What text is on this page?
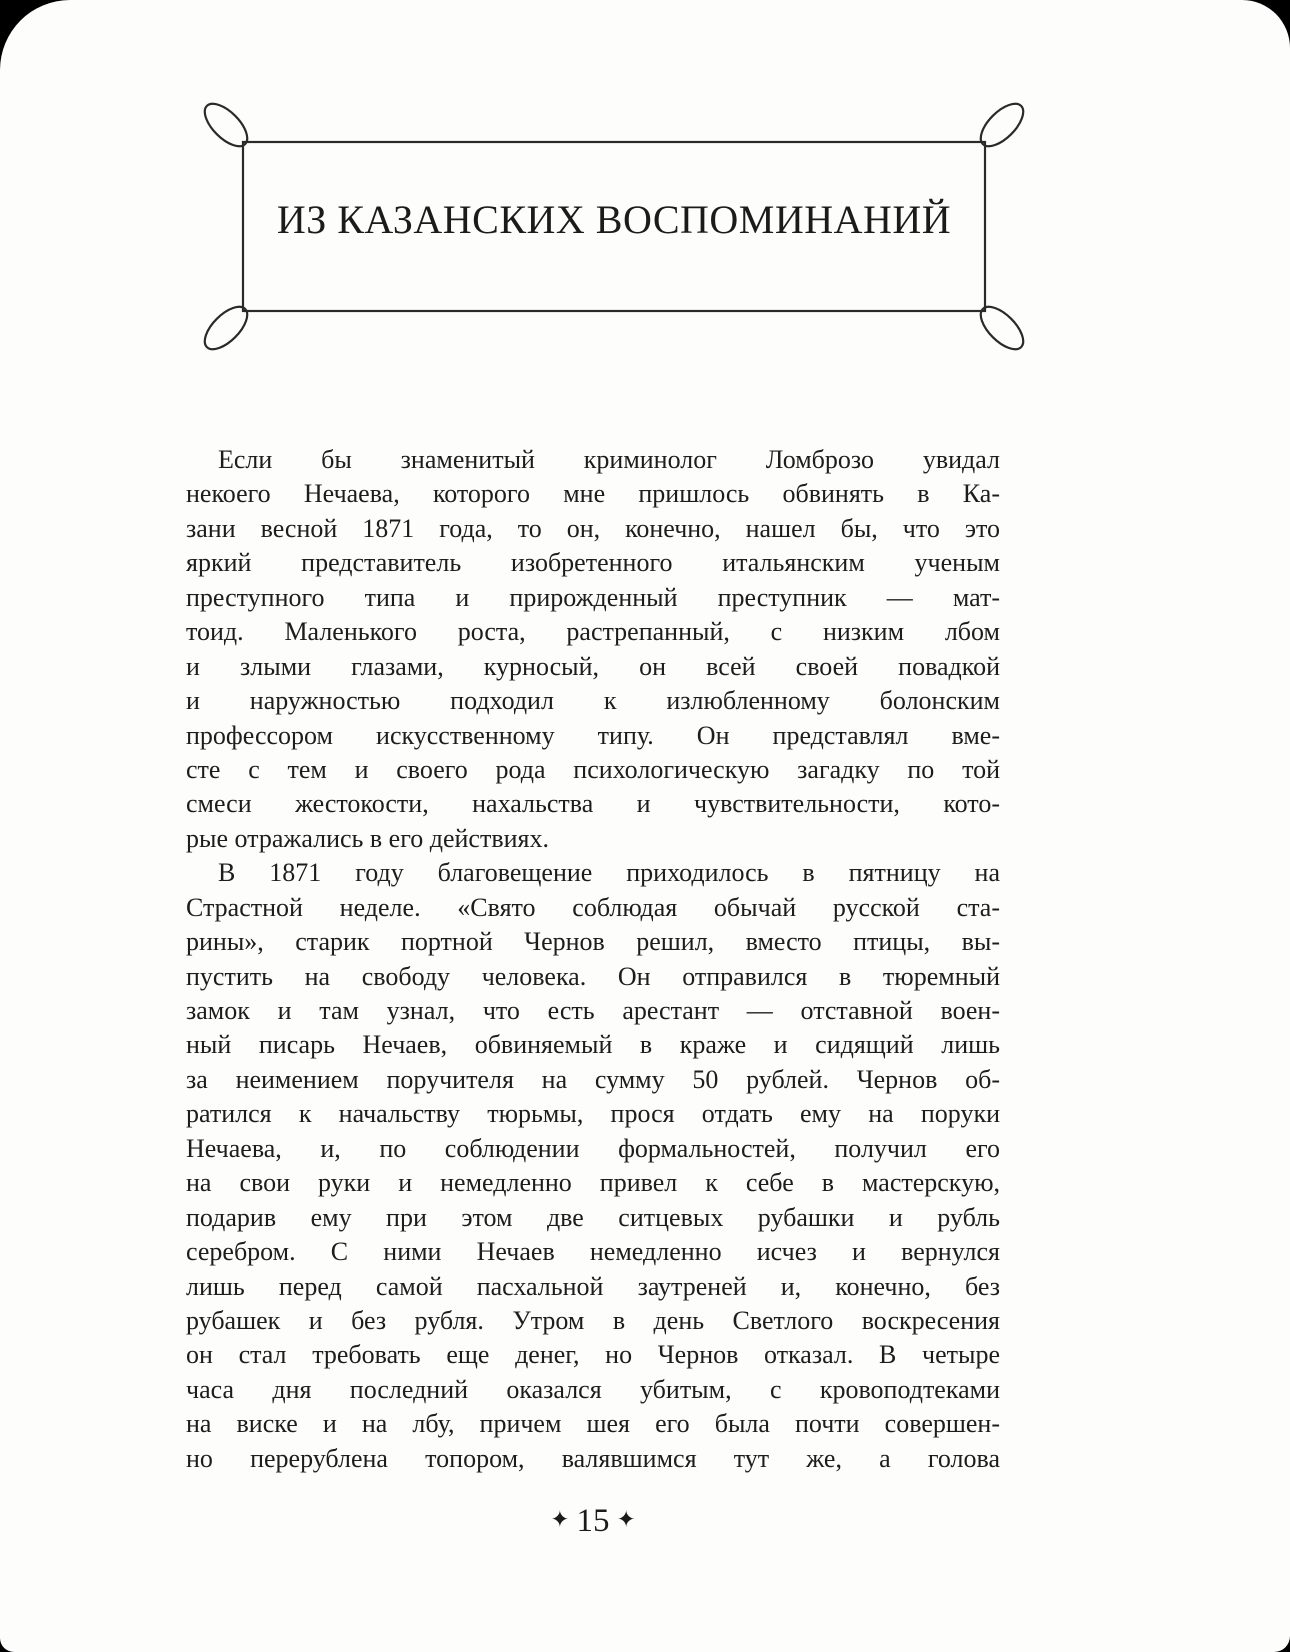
ИЗ КАЗАНСКИХ ВОСПОМИНАНИЙ
Если бы знаменитый криминолог Ломброзо увидал
некоего Нечаева, которого мне пришлось обвинять в Ка-
зани весной 1871 года, то он, конечно, нашел бы, что это
яркий представитель изобретенного итальянским ученым
преступного типа и прирожденный преступник — мат-
тоид. Маленького роста, растрепанный, с низким лбом
и злыми глазами, курносый, он всей своей повадкой
и наружностью подходил к излюбленному болонским
профессором искусственному типу. Он представлял вме-
сте с тем и своего рода психологическую загадку по той
смеси жестокости, нахальства и чувствительности, кото-
рые отражались в его действиях.
В 1871 году благовещение приходилось в пятницу на
Страстной неделе. «Свято соблюдая обычай русской ста-
рины», старик портной Чернов решил, вместо птицы, вы-
пустить на свободу человека. Он отправился в тюремный
замок и там узнал, что есть арестант — отставной воен-
ный писарь Нечаев, обвиняемый в краже и сидящий лишь
за неимением поручителя на сумму 50 рублей. Чернов об-
ратился к начальству тюрьмы, прося отдать ему на поруки
Нечаева, и, по соблюдении формальностей, получил его
на свои руки и немедленно привел к себе в мастерскую,
подарив ему при этом две ситцевых рубашки и рубль
серебром. С ними Нечаев немедленно исчез и вернулся
лишь перед самой пасхальной заутреней и, конечно, без
рубашек и без рубля. Утром в день Светлого воскресения
он стал требовать еще денег, но Чернов отказал. В четыре
часа дня последний оказался убитым, с кровоподтеками
на виске и на лбу, причем шея его была почти совершен-
но перерублена топором, валявшимся тут же, а голова
✦ 15 ✦
